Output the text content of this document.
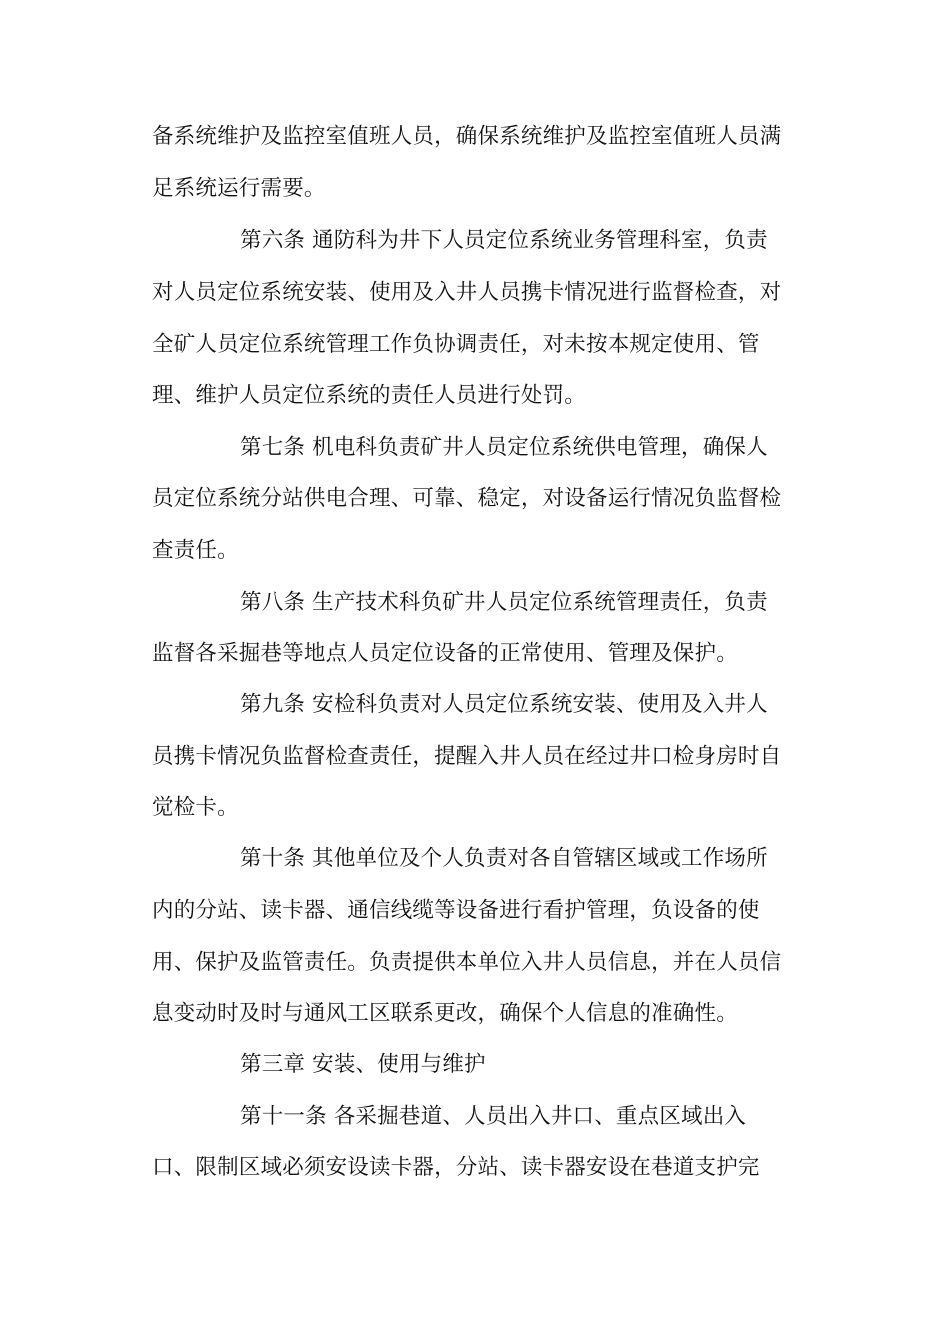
备系统维护及监控室值班人员，确保系统维护及监控室值班人员满
足系统运行需要。
第六条 通防科为井下人员定位系统业务管理科室，负责
对人员定位系统安装、使用及入井人员携卡情况进行监督检查，对
全矿人员定位系统管理工作负协调责任，对未按本规定使用、管
理、维护人员定位系统的责任人员进行处罚。
第七条 机电科负责矿井人员定位系统供电管理，确保人
员定位系统分站供电合理、可靠、稳定，对设备运行情况负监督检
查责任。
第八条 生产技术科负矿井人员定位系统管理责任，负责
监督各采掘巷等地点人员定位设备的正常使用、管理及保护。
第九条 安检科负责对人员定位系统安装、使用及入井人
员携卡情况负监督检查责任，提醒入井人员在经过井口检身房时自
觉检卡。
第十条 其他单位及个人负责对各自管辖区域或工作场所
内的分站、读卡器、通信线缆等设备进行看护管理，负设备的使
用、保护及监管责任。负责提供本单位入井人员信息，并在人员信
息变动时及时与通风工区联系更改，确保个人信息的准确性。
第三章 安装、使用与维护
第十一条 各采掘巷道、人员出入井口、重点区域出入
口、限制区域必须安设读卡器，分站、读卡器安设在巷道支护完
